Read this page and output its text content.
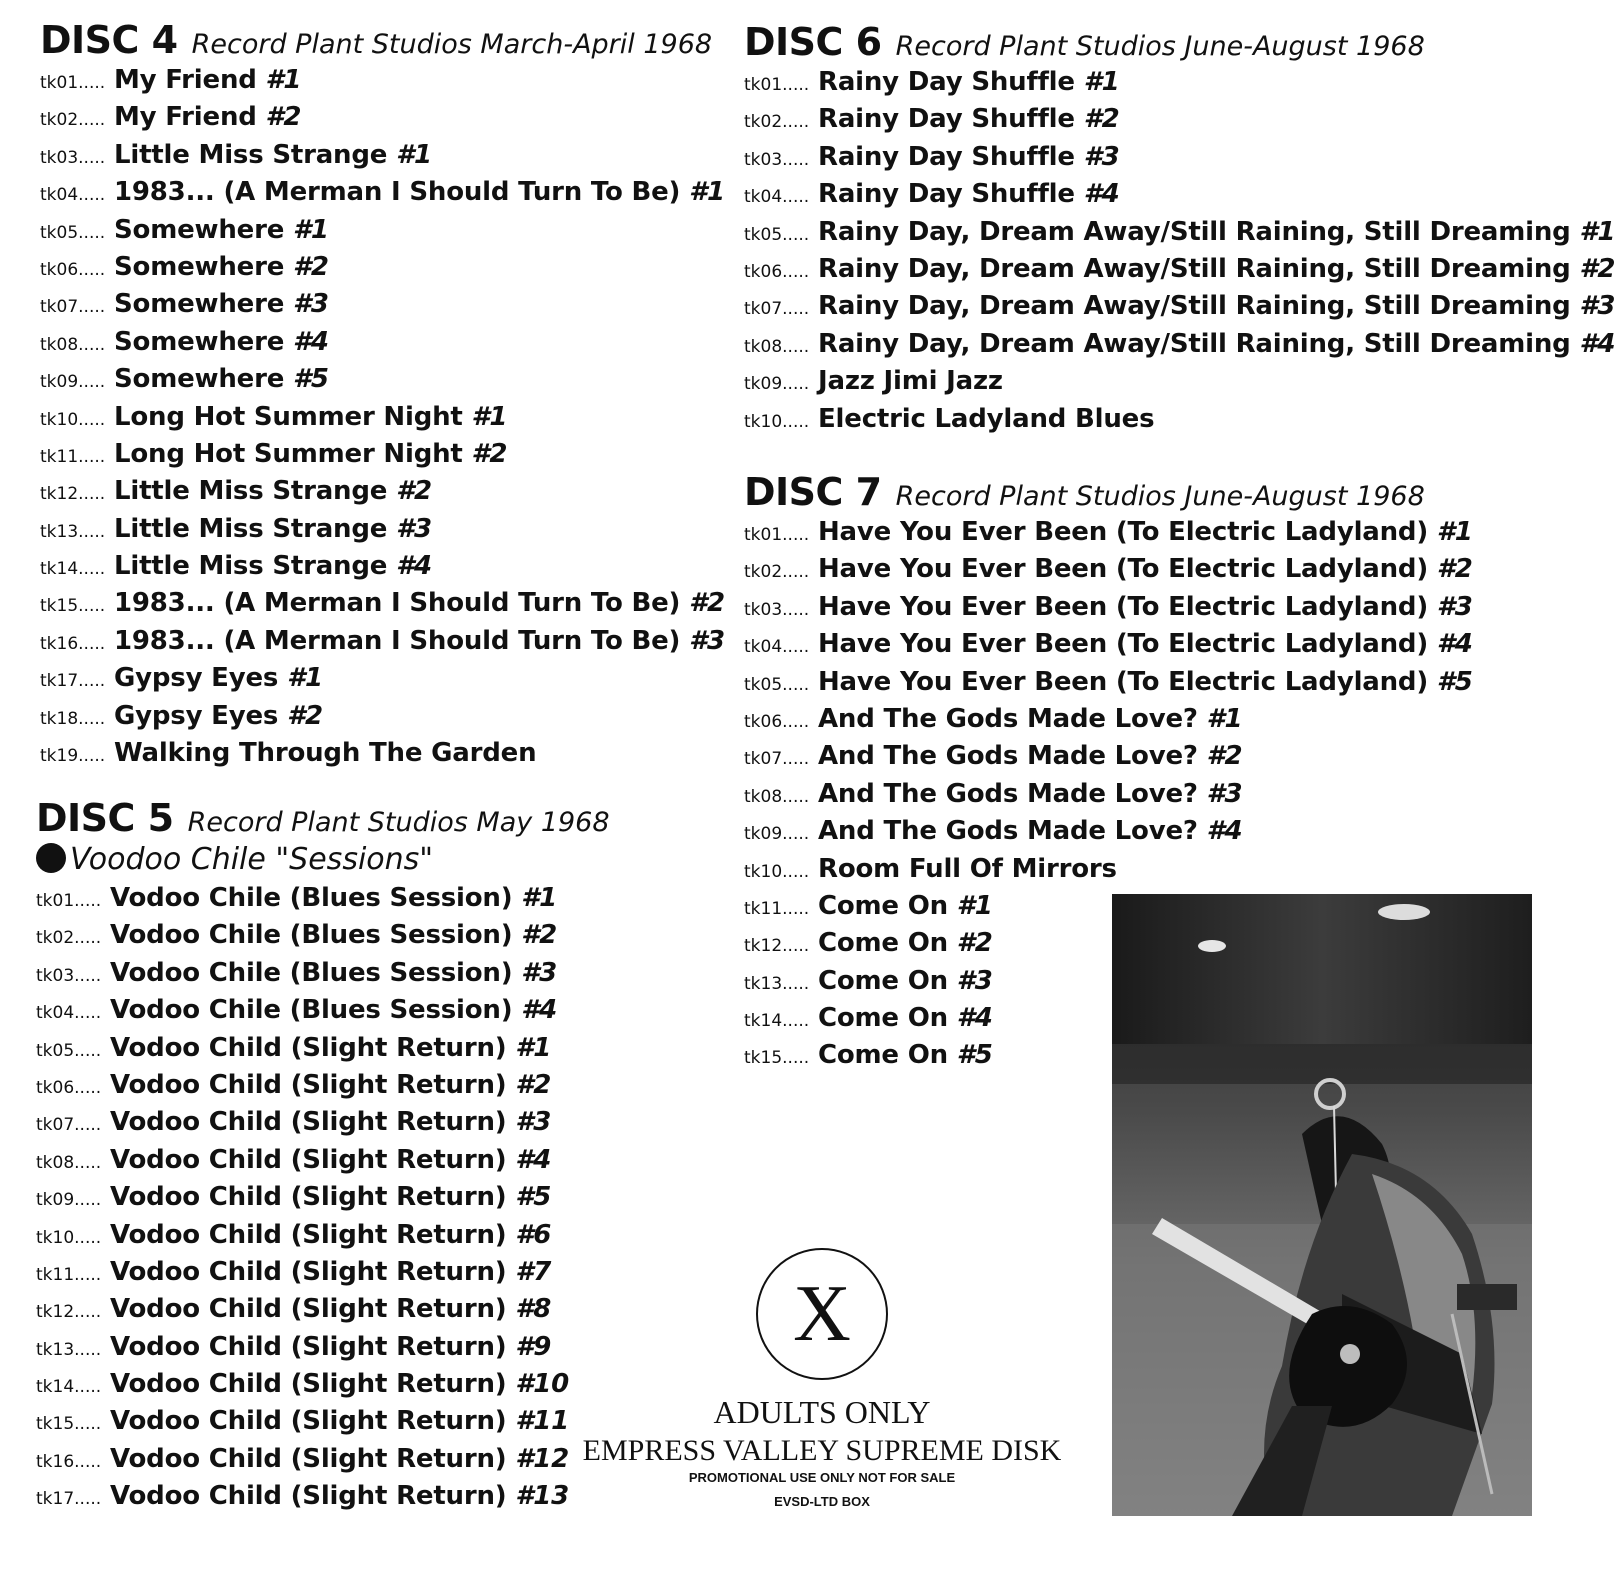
DISC 4 Record Plant Studios March-April 1968
tk01..... My Friend #1
tk02..... My Friend #2
tk03..... Little Miss Strange #1
tk04..... 1983... (A Merman I Should Turn To Be) #1
tk05..... Somewhere #1
tk06..... Somewhere #2
tk07..... Somewhere #3
tk08..... Somewhere #4
tk09..... Somewhere #5
tk10..... Long Hot Summer Night #1
tk11..... Long Hot Summer Night #2
tk12..... Little Miss Strange #2
tk13..... Little Miss Strange #3
tk14..... Little Miss Strange #4
tk15..... 1983... (A Merman I Should Turn To Be) #2
tk16..... 1983... (A Merman I Should Turn To Be) #3
tk17..... Gypsy Eyes #1
tk18..... Gypsy Eyes #2
tk19..... Walking Through The Garden
DISC 5 Record Plant Studios May 1968
Voodoo Chile "Sessions"
tk01..... Vodoo Chile (Blues Session) #1
tk02..... Vodoo Chile (Blues Session) #2
tk03..... Vodoo Chile (Blues Session) #3
tk04..... Vodoo Chile (Blues Session) #4
tk05..... Vodoo Child (Slight Return) #1
tk06..... Vodoo Child (Slight Return) #2
tk07..... Vodoo Child (Slight Return) #3
tk08..... Vodoo Child (Slight Return) #4
tk09..... Vodoo Child (Slight Return) #5
tk10..... Vodoo Child (Slight Return) #6
tk11..... Vodoo Child (Slight Return) #7
tk12..... Vodoo Child (Slight Return) #8
tk13..... Vodoo Child (Slight Return) #9
tk14..... Vodoo Child (Slight Return) #10
tk15..... Vodoo Child (Slight Return) #11
tk16..... Vodoo Child (Slight Return) #12
tk17..... Vodoo Child (Slight Return) #13
DISC 6 Record Plant Studios June-August 1968
tk01..... Rainy Day Shuffle #1
tk02..... Rainy Day Shuffle #2
tk03..... Rainy Day Shuffle #3
tk04..... Rainy Day Shuffle #4
tk05..... Rainy Day, Dream Away/Still Raining, Still Dreaming #1
tk06..... Rainy Day, Dream Away/Still Raining, Still Dreaming #2
tk07..... Rainy Day, Dream Away/Still Raining, Still Dreaming #3
tk08..... Rainy Day, Dream Away/Still Raining, Still Dreaming #4
tk09..... Jazz Jimi Jazz
tk10..... Electric Ladyland Blues
DISC 7 Record Plant Studios June-August 1968
tk01..... Have You Ever Been (To Electric Ladyland) #1
tk02..... Have You Ever Been (To Electric Ladyland) #2
tk03..... Have You Ever Been (To Electric Ladyland) #3
tk04..... Have You Ever Been (To Electric Ladyland) #4
tk05..... Have You Ever Been (To Electric Ladyland) #5
tk06..... And The Gods Made Love? #1
tk07..... And The Gods Made Love? #2
tk08..... And The Gods Made Love? #3
tk09..... And The Gods Made Love? #4
tk10..... Room Full Of Mirrors
tk11..... Come On #1
tk12..... Come On #2
tk13..... Come On #3
tk14..... Come On #4
tk15..... Come On #5
X
ADULTS ONLY
EMPRESS VALLEY SUPREME DISK
PROMOTIONAL USE ONLY NOT FOR SALE
EVSD-LTD BOX
